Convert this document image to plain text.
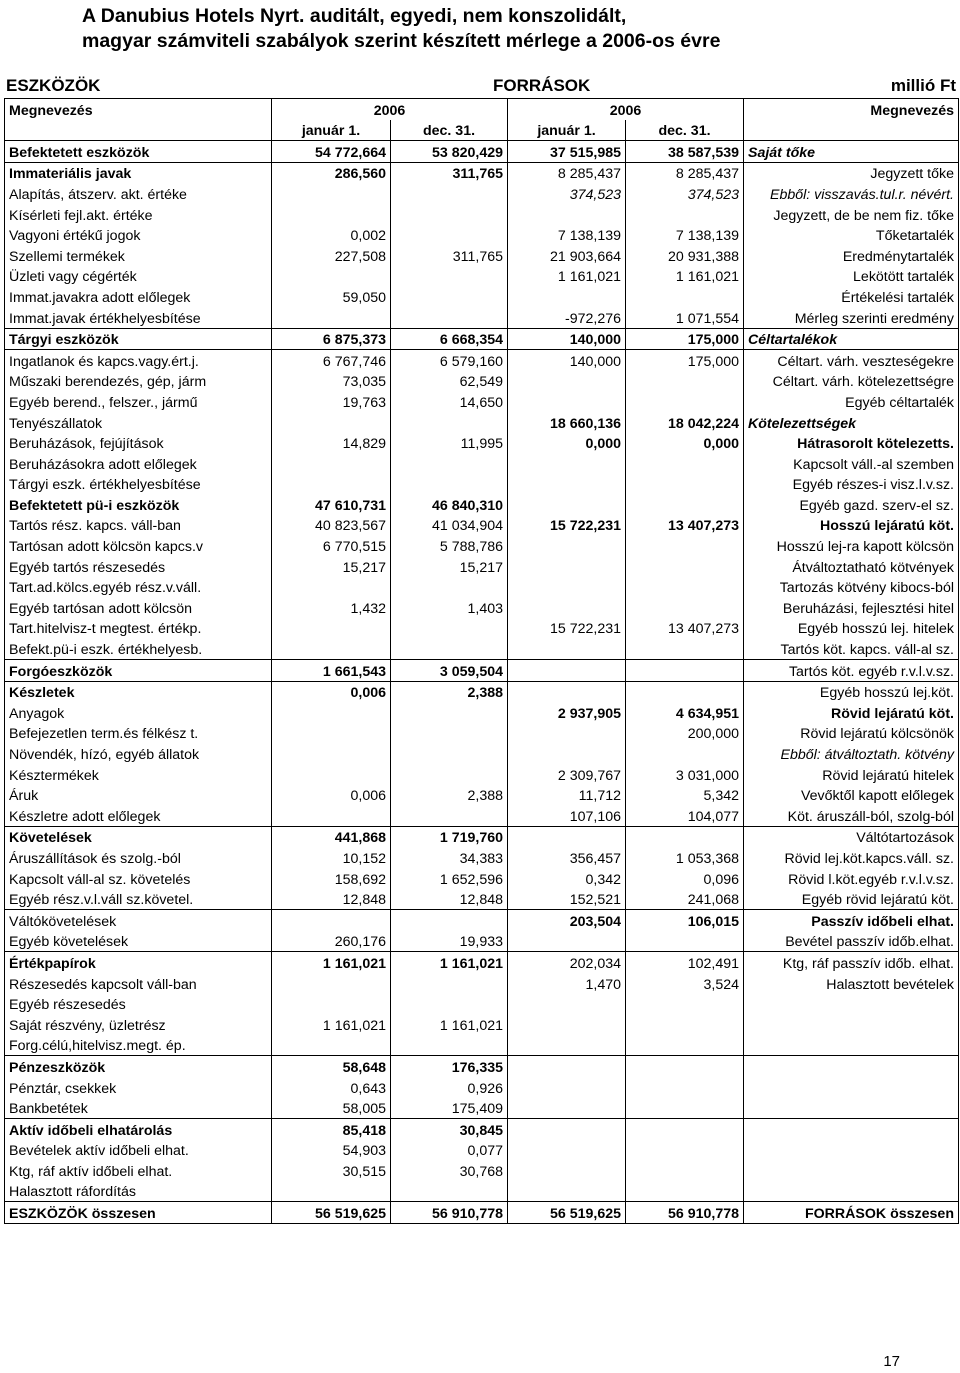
A Danubius Hotels Nyrt. auditált, egyedi, nem konszolidált,
magyar számviteli szabályok szerint készített mérlege a 2006-os évre
ESZKÖZÖK	FORRÁSOK	millió Ft
Megnevezés	2006		2006		Megnevezés
	január 1.	dec. 31.	január 1.	dec. 31.	
Befektetett eszközök	54 772,664	53 820,429	37 515,985	38 587,539	Saját tőke
Immateriális javak	286,560	311,765	8 285,437	8 285,437	Jegyzett tőke
Alapítás, átszerv. akt. értéke			374,523	374,523	Ebből: visszavás.tul.r. névért.
Kísérleti fejl.akt. értéke					Jegyzett, de be nem fiz. tőke
Vagyoni értékű jogok	0,002		7 138,139	7 138,139	Tőketartalék
Szellemi termékek	227,508	311,765	21 903,664	20 931,388	Eredménytartalék
Üzleti vagy cégérték			1 161,021	1 161,021	Lekötött tartalék
Immat.javakra adott előlegek	59,050				Értékelési tartalék
Immat.javak értékhelyesbítése			-972,276	1 071,554	Mérleg szerinti eredmény
Tárgyi eszközök	6 875,373	6 668,354	140,000	175,000	Céltartalékok
Ingatlanok és kapcs.vagy.ért.j.	6 767,746	6 579,160	140,000	175,000	Céltart. várh. veszteségekre
Műszaki berendezés, gép, járm	73,035	62,549			Céltart. várh. kötelezettségre
Egyéb berend., felszer., jármű	19,763	14,650			Egyéb céltartalék
Tenyészállatok			18 660,136	18 042,224	Kötelezettségek
Beruházások, fejújítások	14,829	11,995	0,000	0,000	Hátrasorolt kötelezetts.
Beruházásokra adott előlegek					Kapcsolt váll.-al szemben
Tárgyi eszk. értékhelyesbítése					Egyéb részes-i visz.l.v.sz.
Befektetett pü-i eszközök	47 610,731	46 840,310			Egyéb gazd. szerv-el sz.
Tartós rész. kapcs. váll-ban	40 823,567	41 034,904	15 722,231	13 407,273	Hosszú lejáratú köt.
Tartósan adott kölcsön kapcs.v	6 770,515	5 788,786			Hosszú lej-ra kapott kölcsön
Egyéb tartós részesedés	15,217	15,217			Átváltoztatható kötvények
Tart.ad.kölcs.egyéb rész.v.váll.					Tartozás kötvény kibocs-ból
Egyéb tartósan adott kölcsön	1,432	1,403			Beruházási, fejlesztési hitel
Tart.hitelvisz-t megtest. értékp.			15 722,231	13 407,273	Egyéb hosszú lej. hitelek
Befekt.pü-i eszk. értékhelyesb.					Tartós köt. kapcs. váll-al sz.
Forgóeszközök	1 661,543	3 059,504			Tartós köt. egyéb r.v.l.v.sz.
Készletek	0,006	2,388			Egyéb hosszú lej.köt.
Anyagok			2 937,905	4 634,951	Rövid lejáratú köt.
Befejezetlen term.és félkész t.				200,000	Rövid lejáratú kölcsönök
Növendék, hízó, egyéb állatok					Ebből: átváltoztath. kötvény
Késztermékek			2 309,767	3 031,000	Rövid lejáratú hitelek
Áruk	0,006	2,388	11,712	5,342	Vevőktől kapott előlegek
Készletre adott előlegek			107,106	104,077	Köt. áruszáll-ból, szolg-ból
Követelések	441,868	1 719,760			Váltótartozások
Áruszállítások és szolg.-ból	10,152	34,383	356,457	1 053,368	Rövid lej.köt.kapcs.váll. sz.
Kapcsolt váll-al sz. követelés	158,692	1 652,596	0,342	0,096	Rövid l.köt.egyéb r.v.l.v.sz.
Egyéb rész.v.l.váll sz.követel.	12,848	12,848	152,521	241,068	Egyéb rövid lejáratú köt.
Váltókövetelések			203,504	106,015	Passzív időbeli elhat.
Egyéb követelések	260,176	19,933			Bevétel passzív időb.elhat.
Értékpapírok	1 161,021	1 161,021	202,034	102,491	Ktg, ráf passzív időb. elhat.
Részesedés kapcsolt váll-ban			1,470	3,524	Halasztott bevételek
Egyéb részesedés					
Saját részvény, üzletrész	1 161,021	1 161,021			
Forg.célú,hitelvisz.megt. ép.					
Pénzeszközök	58,648	176,335			
Pénztár, csekkek	0,643	0,926			
Bankbetétek	58,005	175,409			
Aktív időbeli elhatárolás	85,418	30,845			
Bevételek aktív időbeli elhat.	54,903	0,077			
Ktg, ráf aktív időbeli elhat.	30,515	30,768			
Halasztott ráfordítás					
ESZKÖZÖK összesen	56 519,625	56 910,778	56 519,625	56 910,778	FORRÁSOK összesen
17
